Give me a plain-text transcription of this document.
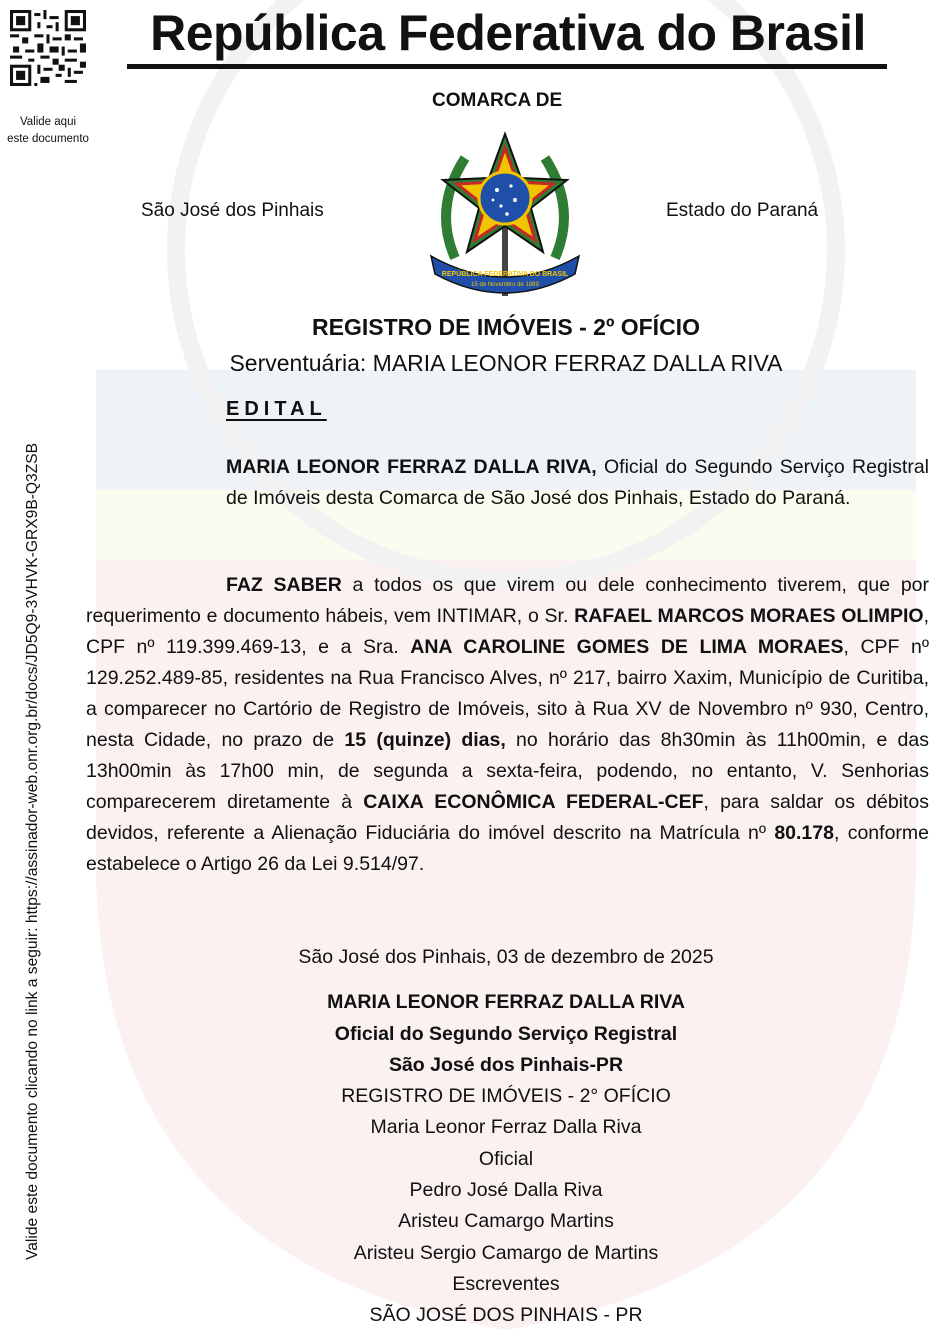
Valide aqui
este documento
Valide este documento clicando no link a seguir: https://assinador-web.onr.org.br/docs/JD5Q9-3VHVK-GRX9B-Q3ZSB
República Federativa do Brasil
COMARCA DE
São José dos Pinhais	Estado do Paraná
REPÚBLICA FEDERATIVA DO BRASIL
15 de Novembro de 1889
REGISTRO DE IMÓVEIS - 2º OFÍCIO
Serventuária: MARIA LEONOR FERRAZ DALLA RIVA
EDITAL
MARIA LEONOR FERRAZ DALLA RIVA, Oficial do Segundo Serviço Registral de Imóveis desta Comarca de São José dos Pinhais, Estado do Paraná.
FAZ SABER a todos os que virem ou dele conhecimento tiverem, que por requerimento e documento hábeis, vem INTIMAR, o Sr. RAFAEL MARCOS MORAES OLIMPIO, CPF nº 119.399.469-13, e a Sra. ANA CAROLINE GOMES DE LIMA MORAES, CPF nº 129.252.489-85, residentes na Rua Francisco Alves, nº 217, bairro Xaxim, Município de Curitiba, a comparecer no Cartório de Registro de Imóveis, sito à Rua XV de Novembro nº 930, Centro, nesta Cidade, no prazo de 15 (quinze) dias, no horário das 8h30min às 11h00min, e das 13h00min às 17h00 min, de segunda a sexta-feira, podendo, no entanto, V. Senhorias comparecerem diretamente à CAIXA ECONÔMICA FEDERAL-CEF, para saldar os débitos devidos, referente a Alienação Fiduciária do imóvel descrito na Matrícula nº 80.178, conforme estabelece o Artigo 26 da Lei 9.514/97.
São José dos Pinhais, 03 de dezembro de 2025
MARIA LEONOR FERRAZ DALLA RIVA
Oficial do Segundo Serviço Registral
São José dos Pinhais-PR
REGISTRO DE IMÓVEIS - 2° OFÍCIO
Maria Leonor Ferraz Dalla Riva
Oficial
Pedro José Dalla Riva
Aristeu Camargo Martins
Aristeu Sergio Camargo de Martins
Escreventes
SÃO JOSÉ DOS PINHAIS - PR
